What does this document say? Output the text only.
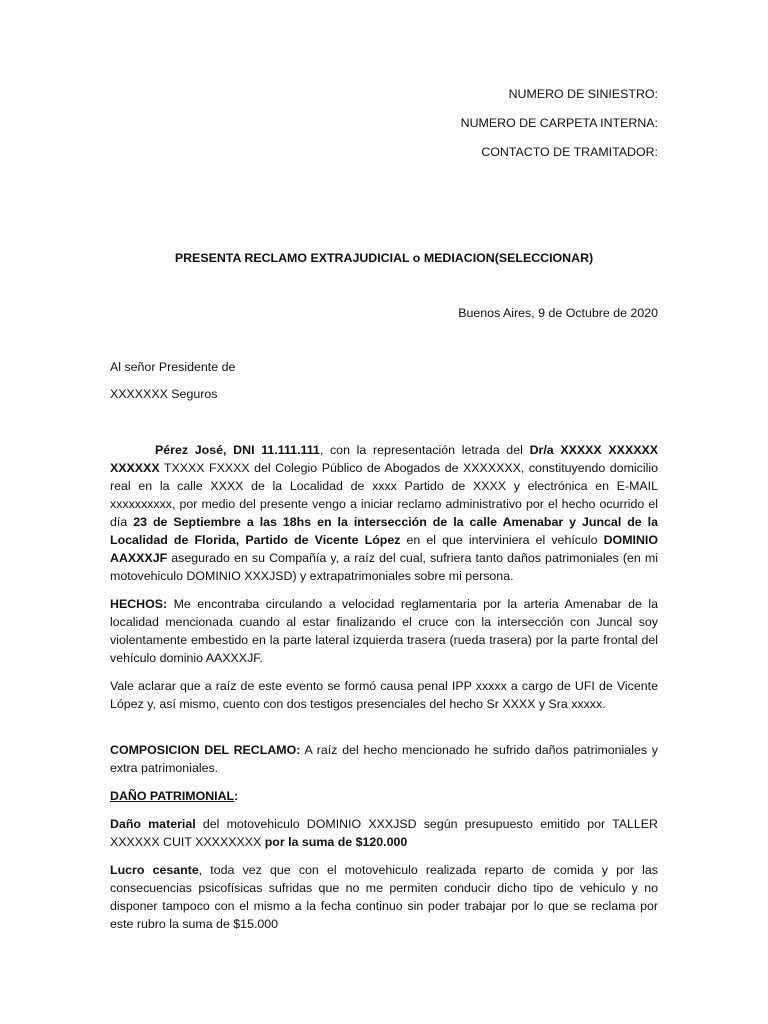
NUMERO DE SINIESTRO:

NUMERO DE CARPETA INTERNA:

CONTACTO DE TRAMITADOR:

PRESENTA RECLAMO EXTRAJUDICIAL o MEDIACION(SELECCIONAR)

Buenos Aires, 9 de Octubre de 2020

Al señor Presidente de

XXXXXXX Seguros

Pérez José, DNI 11.111.111, con la representación letrada del Dr/a XXXXX XXXXXX XXXXXX TXXXX FXXXX del Colegio Público de Abogados de XXXXXXX, constituyendo domicilio real en la calle XXXX de la Localidad de xxxx Partido de XXXX y electrónica en E-MAIL xxxxxxxxxx, por medio del presente vengo a iniciar reclamo administrativo por el hecho ocurrido el día 23 de Septiembre a las 18hs en la intersección de la calle Amenabar y Juncal de la Localidad de Florida, Partido de Vicente López en el que interviniera el vehículo DOMINIO AAXXXJF asegurado en su Compañía y, a raíz del cual, sufriera tanto daños patrimoniales (en mi motovehiculo DOMINIO XXXJSD) y extrapatrimoniales sobre mi persona.

HECHOS: Me encontraba circulando a velocidad reglamentaria por la arteria Amenabar de la localidad mencionada cuando al estar finalizando el cruce con la intersección con Juncal soy violentamente embestido en la parte lateral izquierda trasera (rueda trasera) por la parte frontal del vehículo dominio AAXXXJF.

Vale aclarar que a raíz de este evento se formó causa penal IPP xxxxx a cargo de UFI de Vicente López y, así mismo, cuento con dos testigos presenciales del hecho Sr XXXX y Sra xxxxx.

COMPOSICION DEL RECLAMO: A raíz del hecho mencionado he sufrido daños patrimoniales y extra patrimoniales.

DAÑO PATRIMONIAL:

Daño material del motovehiculo DOMINIO XXXJSD según presupuesto emitido por TALLER XXXXXX CUIT XXXXXXXX por la suma de $120.000

Lucro cesante, toda vez que con el motovehiculo realizada reparto de comida y por las consecuencias psicofísicas sufridas que no me permiten conducir dicho tipo de vehiculo y no disponer tampoco con el mismo a la fecha continuo sin poder trabajar por lo que se reclama por este rubro la suma de $15.000
